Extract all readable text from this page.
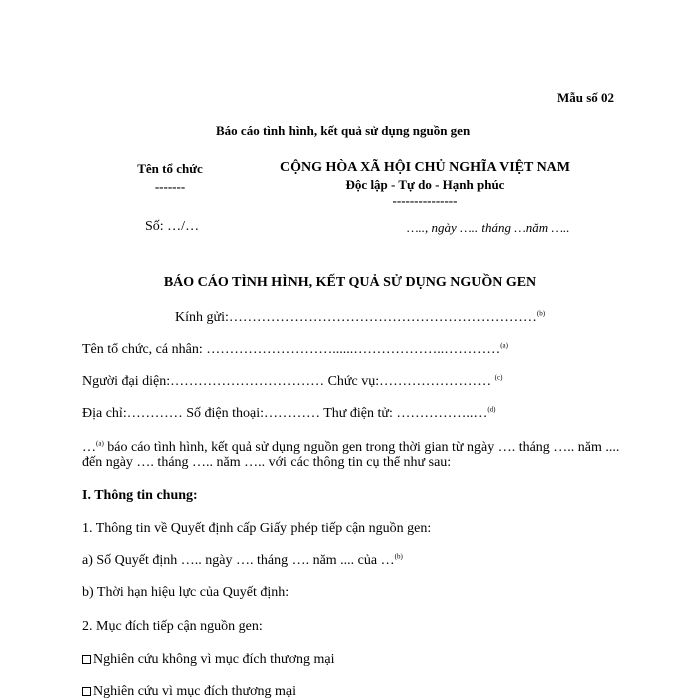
Mẫu số 02
Báo cáo tình hình, kết quả sử dụng nguồn gen
Tên tổ chức
-------
CỘNG HÒA XÃ HỘI CHỦ NGHĨA VIỆT NAM
Độc lập - Tự do - Hạnh phúc
---------------
Số: …/…	….., ngày ….. tháng …năm …..
BÁO CÁO TÌNH HÌNH, KẾT QUẢ SỬ DỤNG NGUỒN GEN
Kính gửi:…………………………………………………………$^{(b)}$
Tên tổ chức, cá nhân: ………………………......………………..…………$^{(a)}$
Người đại diện:…………………………… Chức vụ:…………………… $^{(c)}$
Địa chỉ:………… Số điện thoại:………… Thư điện tử: ……………..…$^{(d)}$
…$^{(a)}$ báo cáo tình hình, kết quả sử dụng nguồn gen trong thời gian từ ngày …. tháng ….. năm ....
đến ngày …. tháng ….. năm ….. với các thông tin cụ thể như sau:
I. Thông tin chung:
1. Thông tin về Quyết định cấp Giấy phép tiếp cận nguồn gen:
a) Số Quyết định ….. ngày …. tháng …. năm .... của …$^{(b)}$
b) Thời hạn hiệu lực của Quyết định:
2. Mục đích tiếp cận nguồn gen:
Nghiên cứu không vì mục đích thương mại
Nghiên cứu vì mục đích thương mại
